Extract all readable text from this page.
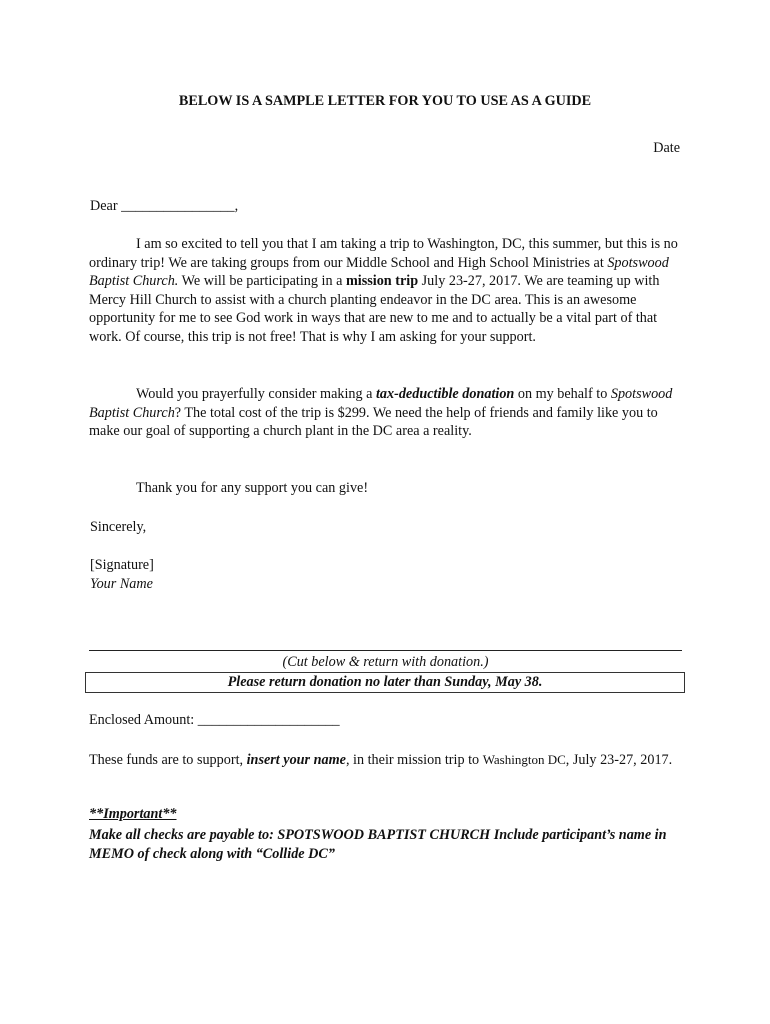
BELOW IS A SAMPLE LETTER FOR YOU TO USE AS A GUIDE
Date
Dear ________________,
I am so excited to tell you that I am taking a trip to Washington, DC, this summer, but this is no ordinary trip! We are taking groups from our Middle School and High School Ministries at Spotswood Baptist Church. We will be participating in a mission trip July 23-27, 2017. We are teaming up with Mercy Hill Church to assist with a church planting endeavor in the DC area. This is an awesome opportunity for me to see God work in ways that are new to me and to actually be a vital part of that work. Of course, this trip is not free! That is why I am asking for your support.
Would you prayerfully consider making a tax-deductible donation on my behalf to Spotswood Baptist Church? The total cost of the trip is $299. We need the help of friends and family like you to make our goal of supporting a church plant in the DC area a reality.
Thank you for any support you can give!
Sincerely,
[Signature]
Your Name
(Cut below & return with donation.)
Please return donation no later than Sunday, May 38.
Enclosed Amount: ____________________
These funds are to support, insert your name, in their mission trip to Washington DC, July 23-27, 2017.
**Important**
Make all checks are payable to: SPOTSWOOD BAPTIST CHURCH Include participant’s name in MEMO of check along with “Collide DC”
